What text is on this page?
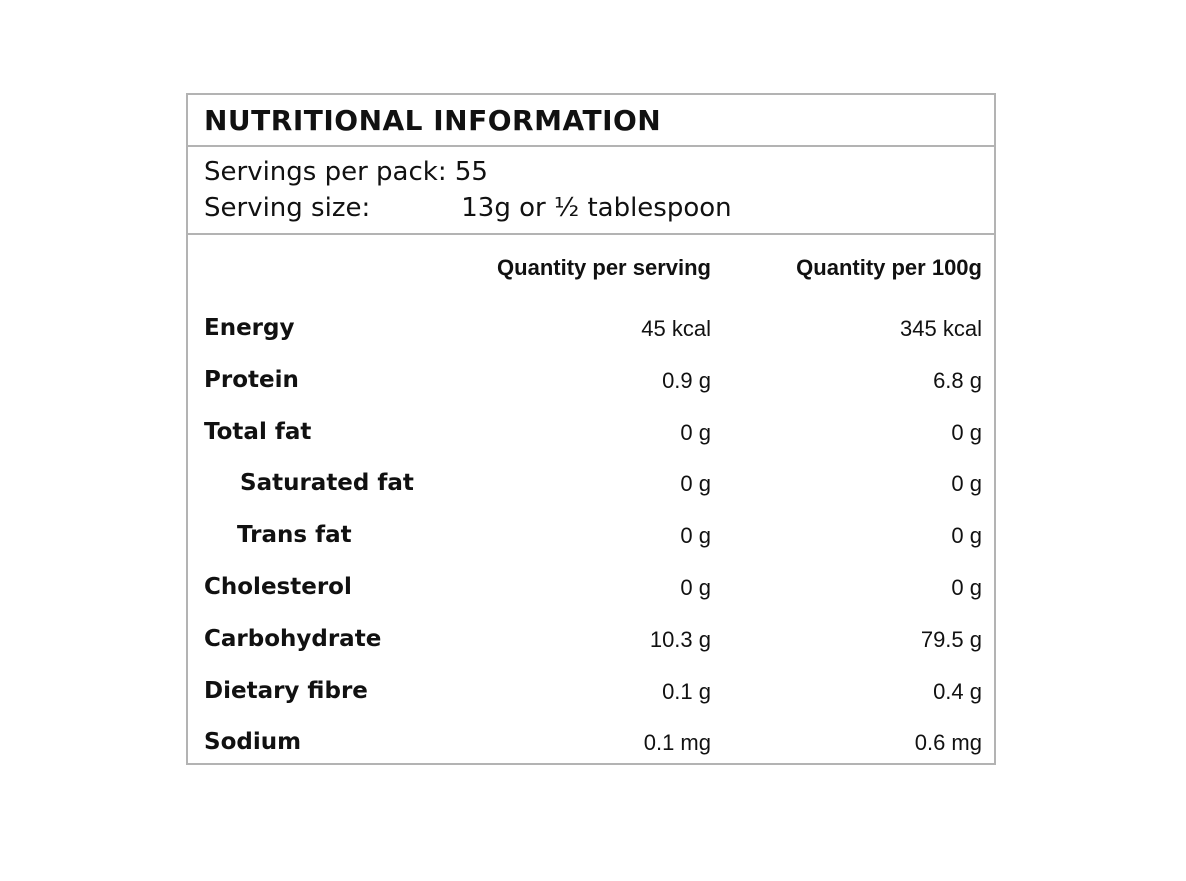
NUTRITIONAL INFORMATION
Servings per pack: 55
Serving size:	13g or ½ tablespoon
Quantity per serving	Quantity per 100g
Energy	45 kcal	345 kcal
Protein	0.9 g	6.8 g
Total fat	0 g	0 g
Saturated fat	0 g	0 g
Trans fat	0 g	0 g
Cholesterol	0 g	0 g
Carbohydrate	10.3 g	79.5 g
Dietary fibre	0.1 g	0.4 g
Sodium	0.1 mg	0.6 mg
